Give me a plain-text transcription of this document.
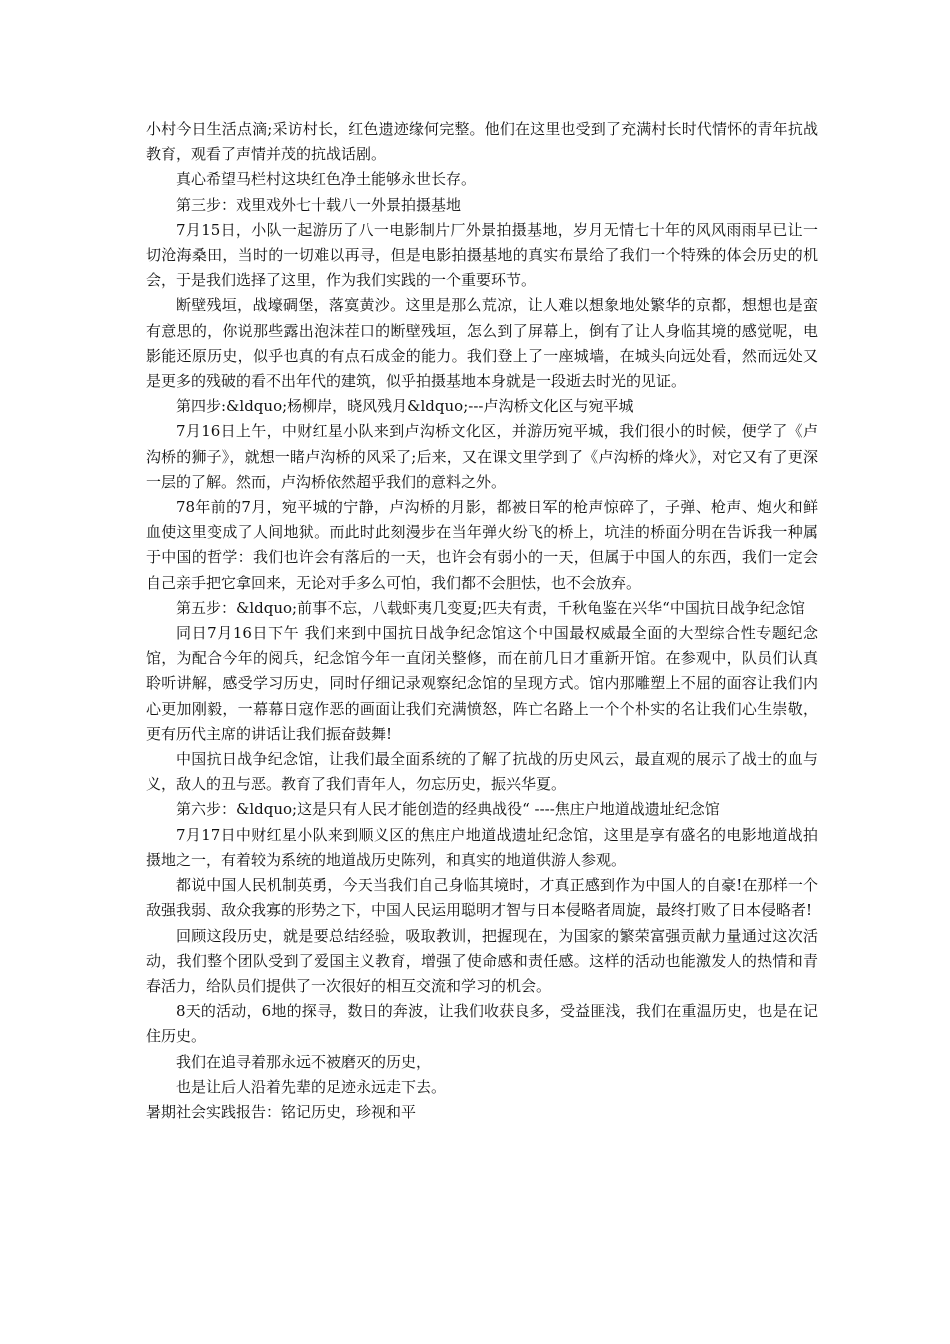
小村今日生活点滴;采访村长，红色遗迹缘何完整。他们在这里也受到了充满村长时代情怀的青年抗战教育，观看了声情并茂的抗战话剧。

真心希望马栏村这块红色净土能够永世长存。

第三步：戏里戏外七十载八一外景拍摄基地

7月15日，小队一起游历了八一电影制片厂外景拍摄基地，岁月无情七十年的风风雨雨早已让一切沧海桑田，当时的一切难以再寻，但是电影拍摄基地的真实布景给了我们一个特殊的体会历史的机会，于是我们选择了这里，作为我们实践的一个重要环节。

断壁残垣，战壕碉堡，落寞黄沙。这里是那么荒凉，让人难以想象地处繁华的京都，想想也是蛮有意思的，你说那些露出泡沫茬口的断壁残垣，怎么到了屏幕上，倒有了让人身临其境的感觉呢，电影能还原历史，似乎也真的有点石成金的能力。我们登上了一座城墙，在城头向远处看，然而远处又是更多的残破的看不出年代的建筑，似乎拍摄基地本身就是一段逝去时光的见证。

第四步:&ldquo;杨柳岸，晓风残月&ldquo;---卢沟桥文化区与宛平城

7月16日上午，中财红星小队来到卢沟桥文化区，并游历宛平城，我们很小的时候，便学了《卢沟桥的狮子》，就想一睹卢沟桥的风采了;后来，又在课文里学到了《卢沟桥的烽火》，对它又有了更深一层的了解。然而，卢沟桥依然超乎我们的意料之外。

78年前的7月，宛平城的宁静，卢沟桥的月影，都被日军的枪声惊碎了，子弹、枪声、炮火和鲜血使这里变成了人间地狱。而此时此刻漫步在当年弹火纷飞的桥上，坑洼的桥面分明在告诉我一种属于中国的哲学：我们也许会有落后的一天，也许会有弱小的一天，但属于中国人的东西，我们一定会自己亲手把它拿回来，无论对手多么可怕，我们都不会胆怯，也不会放弃。

第五步：&ldquo;前事不忘，八载虾夷几变夏;匹夫有责，千秋龟鉴在兴华“中国抗日战争纪念馆

同日7月16日下午 我们来到中国抗日战争纪念馆这个中国最权威最全面的大型综合性专题纪念馆，为配合今年的阅兵，纪念馆今年一直闭关整修，而在前几日才重新开馆。在参观中，队员们认真聆听讲解，感受学习历史，同时仔细记录观察纪念馆的呈现方式。馆内那雕塑上不屈的面容让我们内心更加刚毅，一幕幕日寇作恶的画面让我们充满愤怒，阵亡名路上一个个朴实的名让我们心生崇敬，更有历代主席的讲话让我们振奋鼓舞!

中国抗日战争纪念馆，让我们最全面系统的了解了抗战的历史风云，最直观的展示了战士的血与义，敌人的丑与恶。教育了我们青年人，勿忘历史，振兴华夏。

第六步：&ldquo;这是只有人民才能创造的经典战役“ ----焦庄户地道战遗址纪念馆

7月17日中财红星小队来到顺义区的焦庄户地道战遗址纪念馆，这里是享有盛名的电影地道战拍摄地之一，有着较为系统的地道战历史陈列，和真实的地道供游人参观。

都说中国人民机制英勇，今天当我们自己身临其境时，才真正感到作为中国人的自豪!在那样一个敌强我弱、敌众我寡的形势之下，中国人民运用聪明才智与日本侵略者周旋，最终打败了日本侵略者!

回顾这段历史，就是要总结经验，吸取教训，把握现在，为国家的繁荣富强贡献力量通过这次活动，我们整个团队受到了爱国主义教育，增强了使命感和责任感。这样的活动也能激发人的热情和青春活力，给队员们提供了一次很好的相互交流和学习的机会。

8天的活动，6地的探寻，数日的奔波，让我们收获良多，受益匪浅，我们在重温历史，也是在记住历史。

我们在追寻着那永远不被磨灭的历史，

也是让后人沿着先辈的足迹永远走下去。

暑期社会实践报告：铭记历史，珍视和平
